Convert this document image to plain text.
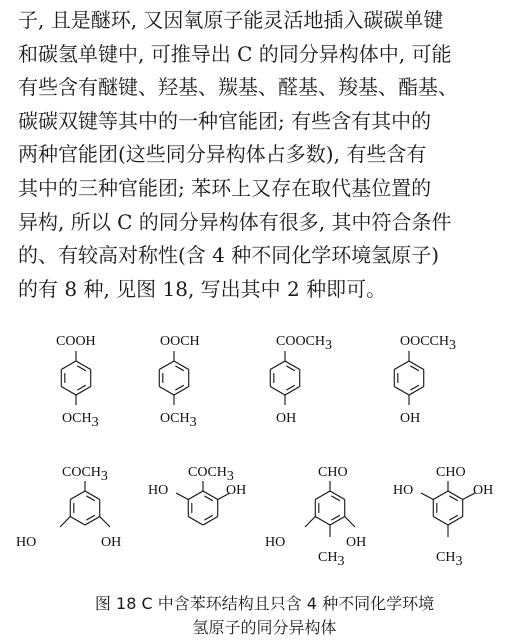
子, 且是醚环, 又因氧原子能灵活地插入碳碳单键
和碳氢单键中, 可推导出 C 的同分异构体中, 可能
有些含有醚键、羟基、羰基、醛基、羧基、酯基、
碳碳双键等其中的一种官能团; 有些含有其中的
两种官能团(这些同分异构体占多数), 有些含有
其中的三种官能团; 苯环上又存在取代基位置的
异构, 所以 C 的同分异构体有很多, 其中符合条件
的、有较高对称性(含 4 种不同化学环境氢原子)
的有 8 种, 见图 18, 写出其中 2 种即可。
COOH
OCH3
OOCH
OCH3
COOCH3
OH
OOCCH3
OH
COCH3
HO	OH
COCH3
HO	OH
CHO
HO	OH
CH3
CHO
HO	OH
CH3
图 18 C 中含苯环结构且只含 4 种不同化学环境
氢原子的同分异构体
